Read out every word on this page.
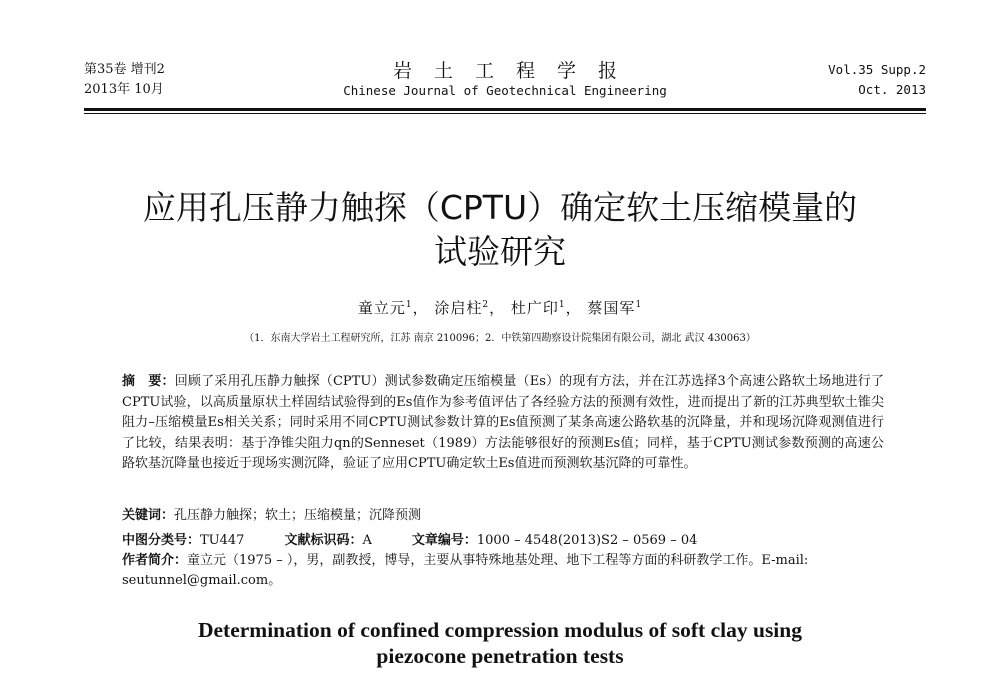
第35卷 增刊2
2013年 10月
岩土工程学报
Chinese Journal of Geotechnical Engineering
Vol.35 Supp.2
Oct. 2013
应用孔压静力触探（CPTU）确定软土压缩模量的
试验研究
童立元$^1$， 涂启柱$^2$， 杜广印$^1$， 蔡国军$^1$
（1．东南大学岩土工程研究所，江苏 南京 210096；2．中铁第四勘察设计院集团有限公司，湖北 武汉 430063）
摘　要：回顾了采用孔压静力触探（CPTU）测试参数确定压缩模量（Es）的现有方法，并在江苏选择3个高速公路软土场地进行了CPTU试验，以高质量原状土样固结试验得到的Es值作为参考值评估了各经验方法的预测有效性，进而提出了新的江苏典型软土锥尖阻力–压缩模量Es相关关系；同时采用不同CPTU测试参数计算的Es值预测了某条高速公路软基的沉降量，并和现场沉降观测值进行了比较，结果表明：基于净锥尖阻力qn的Senneset（1989）方法能够很好的预测Es值；同样，基于CPTU测试参数预测的高速公路软基沉降量也接近于现场实测沉降，验证了应用CPTU确定软土Es值进而预测软基沉降的可靠性。
关键词：孔压静力触探；软土；压缩模量；沉降预测
中图分类号：TU447	文献标识码：A	文章编号：1000 – 4548(2013)S2 – 0569 – 04
作者简介：童立元（1975 – ），男，副教授，博导，主要从事特殊地基处理、地下工程等方面的科研教学工作。E-mail: seutunnel@gmail.com。
Determination of confined compression modulus of soft clay using
piezocone penetration tests
